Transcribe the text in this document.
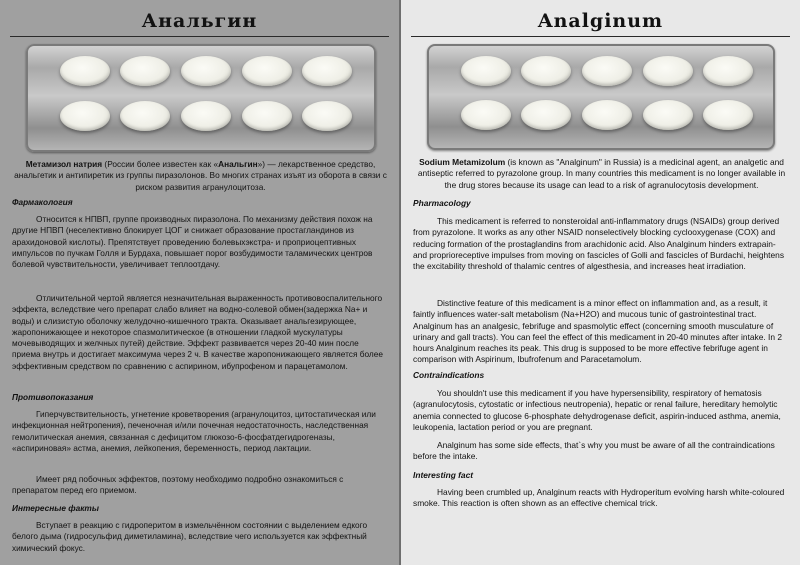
Анальгин

Метамизол натрия (России более известен как «Анальгин») — лекарственное средство, анальгетик и антипиретик из группы пиразолонов. Во многих странах изъят из оборота в связи с риском развития агранулоцитоза.

Фармакология
Относится к НПВП, группе производных пиразолона. По механизму действия похож на другие НПВП (неселективно блокирует ЦОГ и снижает образование простагландинов из арахидоновой кислоты). Препятствует проведению болевыхэкстра- и проприоцептивных импульсов по пучкам Голля и Бурдаха, повышает порог возбудимости таламических центров болевой чувствительности, увеличивает теплоотдачу.
Отличительной чертой является незначительная выраженность противовоспалительного эффекта, вследствие чего препарат слабо влияет на водно-солевой обмен(задержка Na+ и воды) и слизистую оболочку желудочно-кишечного тракта. Оказывает анальгезирующее, жаропонижающее и некоторое спазмолитическое (в отношении гладкой мускулатуры мочевыводящих и желчных путей) действие. Эффект развивается через 20-40 мин после приема внутрь и достигает максимума через 2 ч. В качестве жаропонижающего является более эффективным средством по сравнению с аспирином, ибупрофеном и парацетамолом.
Противопоказания
Гиперчувствительность, угнетение кроветворения (агранулоцитоз, цитостатическая или инфекционная нейтропения), печеночная и/или почечная недостаточность, наследственная гемолитическая анемия, связанная с дефицитом глюкозо-6-фосфатдегидрогеназы, «аспириновая» астма, анемия, лейкопения, беременность, период лактации.
Имеет ряд побочных эффектов, поэтому необходимо подробно ознакомиться с препаратом перед его приемом.
Интересные факты
Вступает в реакцию с гидроперитом в измельчённом состоянии с выделением едкого белого дыма (гидросульфид диметиламина), вследствие чего используется как эффектный химический фокус.
Analginum

Sodium Metamizolum (is known as "Analginum" in Russia) is a medicinal agent, an analgetic and antiseptic referred to pyrazolone group. In many countries this medicament is no longer available in the drug stores because its usage can lead to a risk of agranulocytosis development.

Pharmacology
This medicament is referred to nonsteroidal anti-inflammatory drugs (NSAIDs) group derived from pyrazolone. It works as any other NSAID nonselectively blocking cyclooxygenase (COX) and reducing formation of the prostaglandins from arachidonic acid. Also Analginum hinders extrapain- and proprioreceptive impulses from moving on fascicles of Golli and fascicles of Burdachi, heightens the excitability threshold of thalamic centres of algesthesia, and increases heat irradiation.
Distinctive feature of this medicament is a minor effect on inflammation and, as a result, it faintly influences water-salt metabolism (Na+H2O) and mucous tunic of gastrointestinal tract. Analginum has an analgesic, febrifuge and spasmolytic effect (concerning smooth musculature of urinary and gall tracts). You can feel the effect of this medicament in 20-40 minutes after intake. In 2 hours Analginum reaches its peak. This drug is supposed to be more effective febrifuge agent in comparison with Aspirinum, Ibufrofenum and Paracetamolum.
Contraindications
You shouldn't use this medicament if you have hypersensibility, respiratory of hematosis (agranulocytosis, cytostatic or infectious neutropenia), hepatic or renal failure, hereditary hemolytic anemia connected to glucose 6-phosphate dehydrogenase deficit, aspirin-induced asthma, anemia, leukopenia, lactation period or you are pregnant.
Analginum has some side effects, that`s why you must be aware of all the contraindications before the intake.
Interesting fact
Having been crumbled up, Analginum reacts with Hydroperitum evolving harsh white-coloured smoke. This reaction is often shown as an effective chemical trick.
